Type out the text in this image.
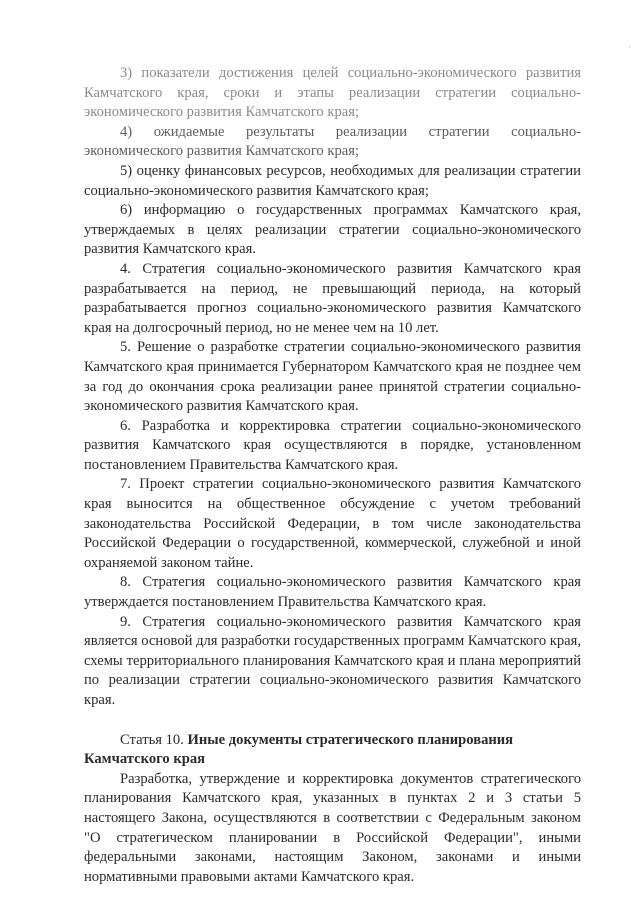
·

3) показатели достижения целей социально-экономического развития Камчатского края, сроки и этапы реализации стратегии социально-экономического развития Камчатского края;

4) ожидаемые результаты реализации стратегии социально-экономического развития Камчатского края;

5) оценку финансовых ресурсов, необходимых для реализации стратегии социально-экономического развития Камчатского края;

6) информацию о государственных программах Камчатского края, утверждаемых в целях реализации стратегии социально-экономического развития Камчатского края.

4. Стратегия социально-экономического развития Камчатского края разрабатывается на период, не превышающий периода, на который разрабатывается прогноз социально-экономического развития Камчатского края на долгосрочный период, но не менее чем на 10 лет.

5. Решение о разработке стратегии социально-экономического развития Камчатского края принимается Губернатором Камчатского края не позднее чем за год до окончания срока реализации ранее принятой стратегии социально-экономического развития Камчатского края.

6. Разработка и корректировка стратегии социально-экономического развития Камчатского края осуществляются в порядке, установленном постановлением Правительства Камчатского края.

7. Проект стратегии социально-экономического развития Камчатского края выносится на общественное обсуждение с учетом требований законодательства Российской Федерации, в том числе законодательства Российской Федерации о государственной, коммерческой, служебной и иной охраняемой законом тайне.

8. Стратегия социально-экономического развития Камчатского края утверждается постановлением Правительства Камчатского края.

9. Стратегия социально-экономического развития Камчатского края является основой для разработки государственных программ Камчатского края, схемы территориального планирования Камчатского края и плана мероприятий по реализации стратегии социально-экономического развития Камчатского края.

Статья 10. Иные документы стратегического планирования Камчатского края

Разработка, утверждение и корректировка документов стратегического планирования Камчатского края, указанных в пунктах 2 и 3 статьи 5 настоящего Закона, осуществляются в соответствии с Федеральным законом "О стратегическом планировании в Российской Федерации", иными федеральными законами, настоящим Законом, законами и иными нормативными правовыми актами Камчатского края.
